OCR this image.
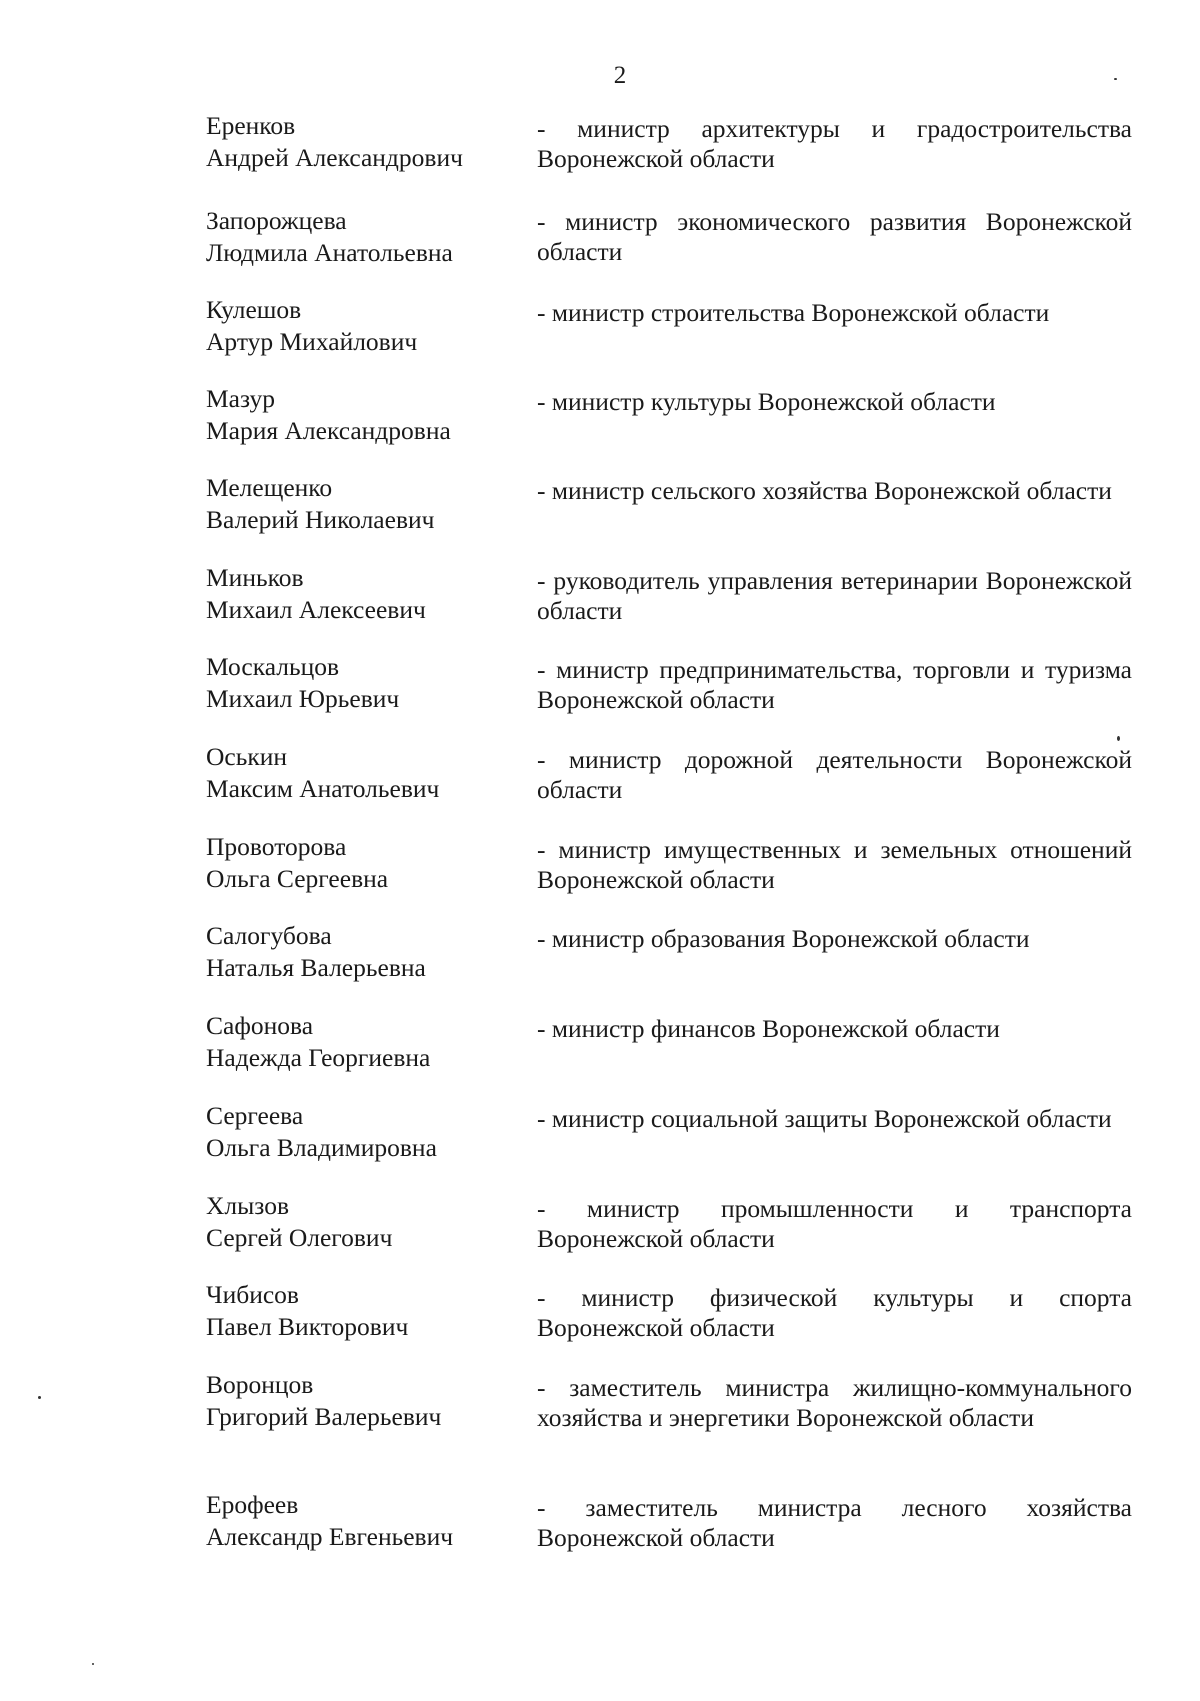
2
Еренков
Андрей Александрович
- министр архитектуры и градостроительства Воронежской области
Запорожцева
Людмила Анатольевна
- министр экономического развития Воронежской области
Кулешов
Артур Михайлович
- министр строительства Воронежской области
Мазур
Мария Александровна
- министр культуры Воронежской области
Мелещенко
Валерий Николаевич
- министр сельского хозяйства Воронежской области
Миньков
Михаил Алексеевич
- руководитель управления ветеринарии Воронежской области
Москальцов
Михаил Юрьевич
- министр предпринимательства, торговли и туризма Воронежской области
Оськин
Максим Анатольевич
- министр дорожной деятельности Воронежской области
Провоторова
Ольга Сергеевна
- министр имущественных и земельных отношений Воронежской области
Салогубова
Наталья Валерьевна
- министр образования Воронежской области
Сафонова
Надежда Георгиевна
- министр финансов Воронежской области
Сергеева
Ольга Владимировна
- министр социальной защиты Воронежской области
Хлызов
Сергей Олегович
- министр промышленности и транспорта Воронежской области
Чибисов
Павел Викторович
- министр физической культуры и спорта Воронежской области
Воронцов
Григорий Валерьевич
- заместитель министра жилищно-коммунального хозяйства и энергетики Воронежской области
Ерофеев
Александр Евгеньевич
- заместитель министра лесного хозяйства Воронежской области
